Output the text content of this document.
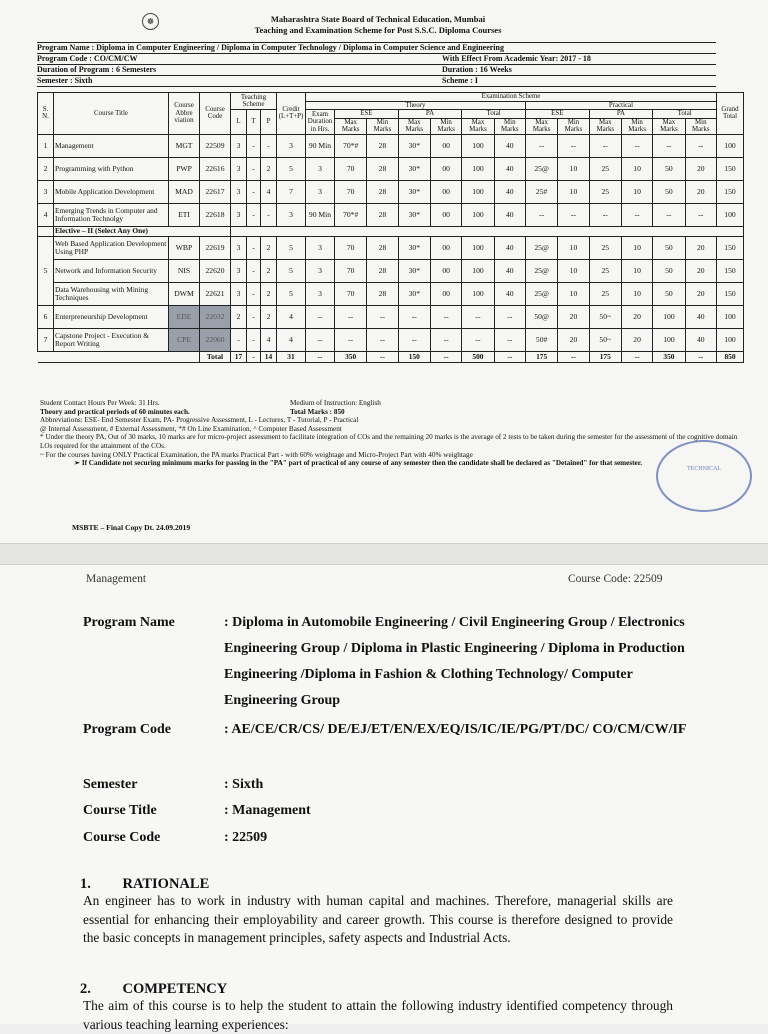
☸	Maharashtra State Board of Technical Education, Mumbai
Teaching and Examination Scheme for Post S.S.C. Diploma Courses
Program Name : Diploma in Computer Engineering / Diploma in Computer Technology / Diploma in Computer Science and Engineering
Program Code : CO/CM/CW	With Effect From Academic Year: 2017 - 18
Duration of Program : 6 Semesters	Duration : 16 Weeks
Semester : Sixth	Scheme : I
S. N.	Course Title	Course Abbre viation	Course Code	Teaching Scheme			Credit (L+T+P)	Examination Scheme													Grand Total
								Theory							Practical						
				L	T	P		Exam Duration in Hrs.	ESE		PA		Total		ESE		PA		Total		
									Max Marks	Min Marks	Max Marks	Min Marks	Max Marks	Min Marks	Max Marks	Min Marks	Max Marks	Min Marks	Max Marks	Min Marks	
1	Management	MGT	22509	3	-	-	3	90 Min	70*#	28	30*	00	100	40	--	--	--	--	--	--	100
2	Programming with Python	PWP	22616	3	-	2	5	3	70	28	30*	00	100	40	25@	10	25	10	50	20	150
3	Mobile Application Development	MAD	22617	3	-	4	7	3	70	28	30*	00	100	40	25#	10	25	10	50	20	150
4	Emerging Trends in Computer and Information Technolgy	ETI	22618	3	-	-	3	90 Min	70*#	28	30*	00	100	40	--	--	--	--	--	--	100
	Elective – II (Select Any One)																				
5	Web Based Application Development Using PHP	WBP	22619	3	-	2	5	3	70	28	30*	00	100	40	25@	10	25	10	50	20	150
	Network and Information Security	NIS	22620	3	-	2	5	3	70	28	30*	00	100	40	25@	10	25	10	50	20	150
	Data Warehousing with Mining Techniques	DWM	22621	3	-	2	5	3	70	28	30*	00	100	40	25@	10	25	10	50	20	150
6	Enterpreneurship Development	EDE	22032	2	-	2	4	--	--	--	--	--	--	--	50@	20	50~	20	100	40	100
7	Capstone Project - Execution & Report Writing	CPE	22060	-	-	4	4	--	--	--	--	--	--	--	50#	20	50~	20	100	40	100
			Total	17	-	14	31	--	350	--	150	--	500	--	175	--	175	--	350	--	850
Student Contact Hours Per Week: 31 Hrs.	Medium of Instruction: English
Theory and practical periods of 60 minutes each.	Total Marks : 850
Abbreviations: ESE- End Semester Exam, PA- Progressive Assessment, L - Lectures, T - Tutorial, P - Practical
@ Internal Assessment, # External Assessment, *# On Line Examination, ^ Computer Based Assessment
* Under the theory PA, Out of 30 marks, 10 marks are for micro-project assessment to facilitate integration of COs and the remaining 20 marks is the average of 2 tests to be taken during the semester for the assessment of the cognitive domain LOs required for the attainment of the COs.
~ For the courses having ONLY Practical Examination, the PA marks Practical Part - with 60% weightage and Micro-Project Part with 40% weightage
➢ If Candidate not securing minimum marks for passing in the "PA" part of practical of any course of any semester then the candidate shall be declared as "Detained" for that semester.
TECHNICAL
MSBTE – Final Copy Dt. 24.09.2019
Management	Course Code: 22509
Program Name	: Diploma in Automobile Engineering / Civil Engineering Group / Electronics Engineering Group / Diploma in Plastic Engineering / Diploma in Production Engineering /Diploma in Fashion & Clothing Technology/ Computer Engineering Group
Program Code	: AE/CE/CR/CS/ DE/EJ/ET/EN/EX/EQ/IS/IC/IE/PG/PT/DC/ CO/CM/CW/IF
Semester	: Sixth
Course Title	: Management
Course Code	: 22509
1. RATIONALE
An engineer has to work in industry with human capital and machines. Therefore, managerial skills are essential for enhancing their employability and career growth. This course is therefore designed to provide the basic concepts in management principles, safety aspects and Industrial Acts.
2. COMPETENCY
The aim of this course is to help the student to attain the following industry identified competency through various teaching learning experiences:
